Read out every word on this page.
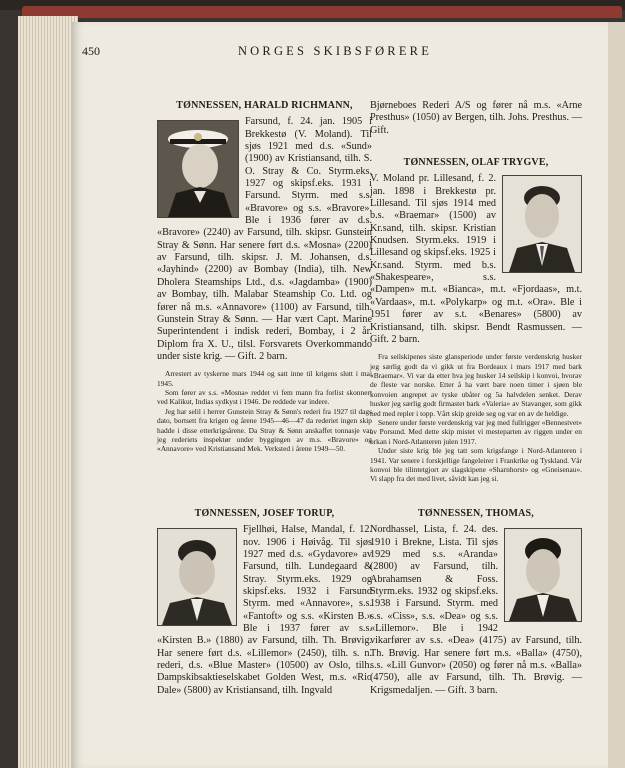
450	NORGES SKIBSFØRERE
TØNNESSEN, HARALD RICHMANN,

Farsund, f. 24. jan. 1905 i Brekkestø (V. Moland). Til sjøs 1921 med d.s. «Sund» (1900) av Kristiansand, tilh. S. O. Stray & Co. Styrm.eks. 1927 og skipsf.eks. 1931 i Farsund. Styrm. med s.s. «Bravore» og s.s. «Bravore». Ble i 1936 fører av d.s. «Bravore» (2240) av Farsund, tilh. skipsr. Gunstein Stray & Sønn. Har senere ført d.s. «Mosna» (2200) av Farsund, tilh. skipsr. J. M. Johansen, d.s. «Jayhind» (2200) av Bombay (India), tilh. New Dholera Steamships Ltd., d.s. «Jagdamba» (1900) av Bombay, tilh. Malabar Steamship Co. Ltd. og fører nå m.s. «Annavore» (1100) av Farsund, tilh. Gunstein Stray & Sønn. — Har vært Capt. Marine Superintendent i indisk rederi, Bombay, i 2 år. Diplom fra X. U., tilsl. Forsvarets Overkommando under siste krig. — Gift. 2 barn.

Arrestert av tyskerne mars 1944 og satt inne til krigens slutt i mai 1945.

Som fører av s.s. «Mosna» reddet vi fem mann fra forlist skonnert ved Kalikut, Indias sydkyst i 1946. De reddede var indere.

Jeg har selil i herrer Gunstein Stray & Sønn's rederi fra 1927 til dags dato, bortsett fra krigen og årene 1945—46—47 da rederiet ingen skip hadde i disse etterkrigsårene. Da Stray & Sønn anskaffet tonnasje var jeg rederiets inspektør under byggingen av m.s. «Bravore» og «Annavore» ved Kristiansand Mek. Verksted i årene 1949—50.

Bjørneboes Rederi A/S og fører nå m.s. «Arne Presthus» (1050) av Bergen, tilh. Johs. Presthus. — Gift.

TØNNESSEN, OLAF TRYGVE,

V. Moland pr. Lillesand, f. 2. jan. 1898 i Brekkestø pr. Lillesand. Til sjøs 1914 med b.s. «Braemar» (1500) av Kr.sand, tilh. skipsr. Kristian Knudsen. Styrm.eks. 1919 i Lillesand og skipsf.eks. 1925 i Kr.sand. Styrm. med b.s. «Shakespeare», s.s. «Dampen» m.t. «Bianca», m.t. «Fjordaas», m.t. «Vardaas», m.t. «Polykarp» og m.t. «Ora». Ble i 1951 fører av s.t. «Benares» (5800) av Kristiansand, tilh. skipsr. Bendt Rasmussen. — Gift. 2 barn.

Fra seilskipenes siste glansperiode under første verdenskrig husker jeg særlig godt da vi gikk ut fra Bordeaux i mars 1917 med bark «Braemar». Vi var da etter hva jeg husker 14 seilskip i konvoi, hvorav de fleste var norske. Etter å ha vært bare noen timer i sjøen ble konvoien angrepet av tyske ubåter og 5a halvdelen senket. Derav husker jeg særlig godt firmastet bark «Valeria» av Stavanger, som gikk ned med repler i topp. Vårt skip greide seg og var en av de heldige.

Senere under første verdenskrig var jeg med fullrigger «Bennestvet» av Porsund. Med dette skip mistet vi mesteparten av riggen under en orkan i Nord-Atlanteren julen 1917.

Under siste krig ble jeg tatt som krigsfange i Nord-Atlanteren i 1941. Var senere i forskjellige fangeleirer i Frankrike og Tyskland. Vår konvoi ble tilintetgjort av slagskipene «Sharnhorst» og «Gneisenau». Vi slapp fra det med livet, såvidt kan jeg si.

TØNNESSEN, JOSEF TORUP,

Fjellhøi, Halse, Mandal, f. 12. nov. 1906 i Høivåg. Til sjøs 1927 med d.s. «Gydavore» av Farsund, tilh. Lundegaard & Stray. Styrm.eks. 1929 og skipsf.eks. 1932 i Farsund Styrm. med «Annavore», s.s. «Fantoft» og s.s. «Kirsten B.» Ble i 1937 fører av s.s. «Kirsten B.» (1880) av Farsund, tilh. Th. Brøvig. Har senere ført d.s. «Lillemor» (2450), tilh. s. n. rederi, d.s. «Blue Master» (10500) av Oslo, tilh. Dampskibsaktieselskabet Golden West, m.s. «Rio Dale» (5800) av Kristiansand, tilh. Ingvald

TØNNESSEN, THOMAS,

Nordhassel, Lista, f. 24. des. 1910 i Brekne, Lista. Til sjøs 1929 med s.s. «Aranda» (2800) av Farsund, tilh. Abrahamsen & Foss. Styrm.eks. 1932 og skipsf.eks. 1938 i Farsund. Styrm. med s.s. «Ciss», s.s. «Dea» og s.s. «Lillemor». Ble i 1942 vikarfører av s.s. «Dea» (4175) av Farsund, tilh. Th. Brøvig. Har senere ført m.s. «Balla» (4750), s.s. «Lill Gunvor» (2050) og fører nå m.s. «Balla» (4750), alle av Farsund, tilh. Th. Brøvig. — Krigsmedaljen. — Gift. 3 barn.
